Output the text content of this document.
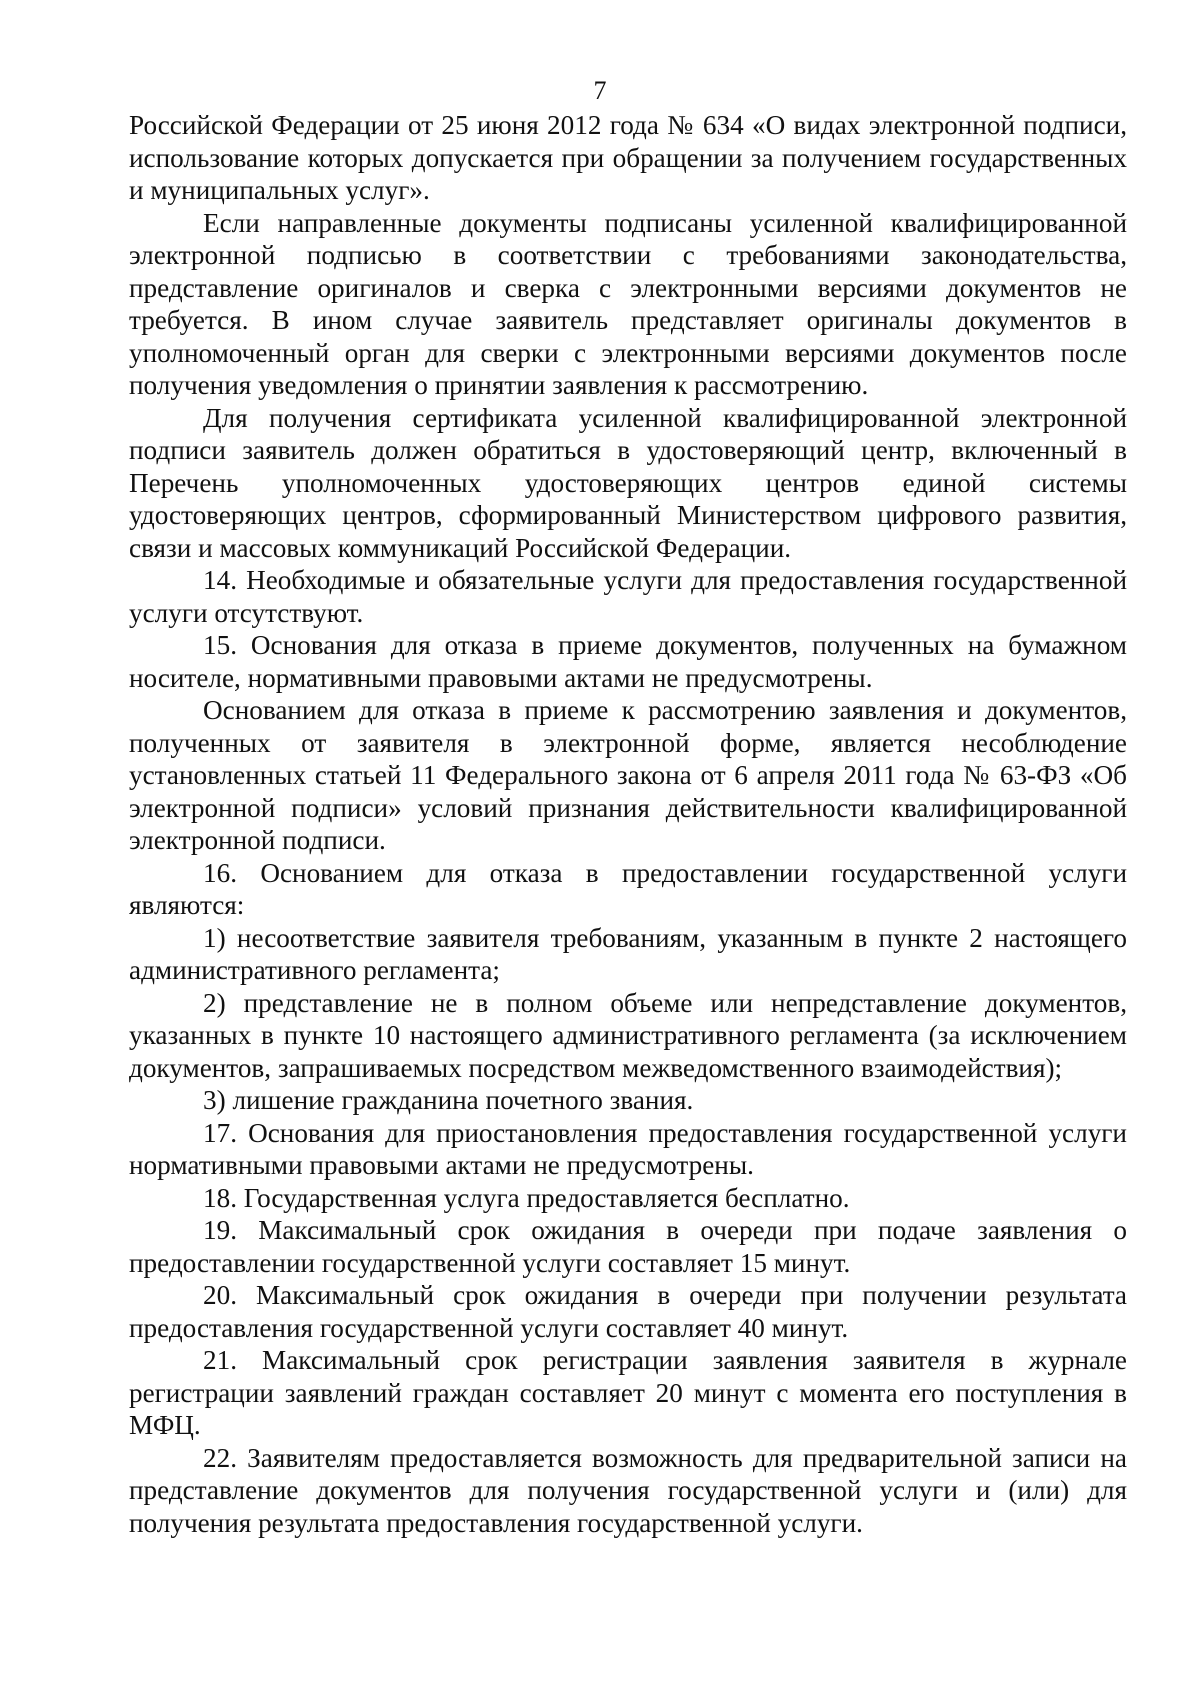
7

Российской Федерации от 25 июня 2012 года № 634 «О видах электронной подписи, использование которых допускается при обращении за получением государственных и муниципальных услуг».

Если направленные документы подписаны усиленной квалифицированной электронной подписью в соответствии с требованиями законодательства, представление оригиналов и сверка с электронными версиями документов не требуется. В ином случае заявитель представляет оригиналы документов в уполномоченный орган для сверки с электронными версиями документов после получения уведомления о принятии заявления к рассмотрению.

Для получения сертификата усиленной квалифицированной электронной подписи заявитель должен обратиться в удостоверяющий центр, включенный в Перечень уполномоченных удостоверяющих центров единой системы удостоверяющих центров, сформированный Министерством цифрового развития, связи и массовых коммуникаций Российской Федерации.

14. Необходимые и обязательные услуги для предоставления государственной услуги отсутствуют.

15. Основания для отказа в приеме документов, полученных на бумажном носителе, нормативными правовыми актами не предусмотрены.

Основанием для отказа в приеме к рассмотрению заявления и документов, полученных от заявителя в электронной форме, является несоблюдение установленных статьей 11 Федерального закона от 6 апреля 2011 года № 63-ФЗ «Об электронной подписи» условий признания действительности квалифицированной электронной подписи.

16. Основанием для отказа в предоставлении государственной услуги являются:

1) несоответствие заявителя требованиям, указанным в пункте 2 настоящего административного регламента;

2) представление не в полном объеме или непредставление документов, указанных в пункте 10 настоящего административного регламента (за исключением документов, запрашиваемых посредством межведомственного взаимодействия);

3) лишение гражданина почетного звания.

17. Основания для приостановления предоставления государственной услуги нормативными правовыми актами не предусмотрены.

18. Государственная услуга предоставляется бесплатно.

19. Максимальный срок ожидания в очереди при подаче заявления о предоставлении государственной услуги составляет 15 минут.

20. Максимальный срок ожидания в очереди при получении результата предоставления государственной услуги составляет 40 минут.

21. Максимальный срок регистрации заявления заявителя в журнале регистрации заявлений граждан составляет 20 минут с момента его поступления в МФЦ.

22. Заявителям предоставляется возможность для предварительной записи на представление документов для получения государственной услуги и (или) для получения результата предоставления государственной услуги.
